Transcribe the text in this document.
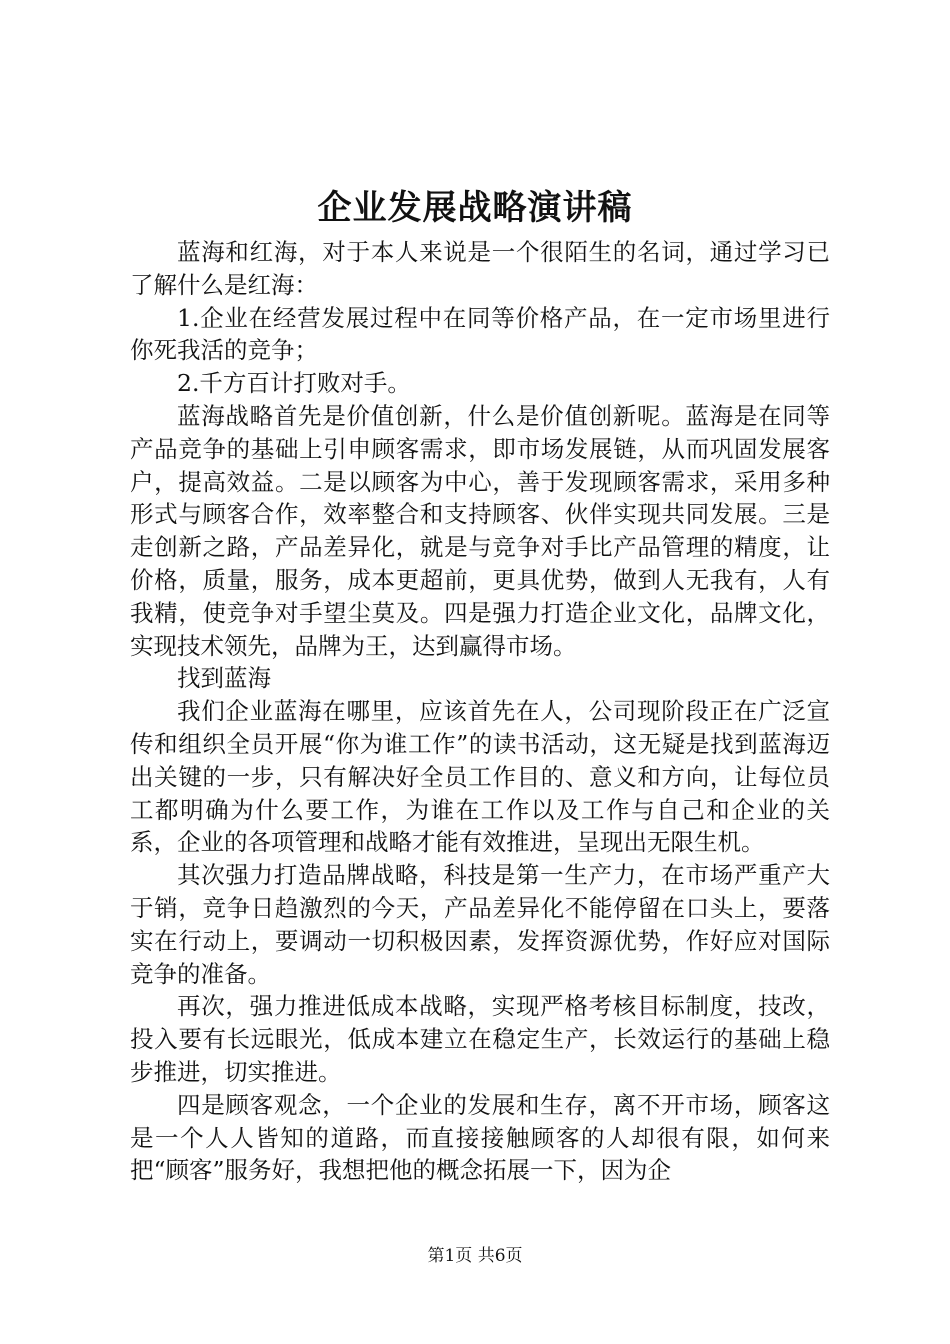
企业发展战略演讲稿

蓝海和红海，对于本人来说是一个很陌生的名词，通过学习已了解什么是红海：

1.企业在经营发展过程中在同等价格产品，在一定市场里进行你死我活的竞争；

2.千方百计打败对手。

蓝海战略首先是价值创新，什么是价值创新呢。蓝海是在同等产品竞争的基础上引申顾客需求，即市场发展链，从而巩固发展客户，提高效益。二是以顾客为中心，善于发现顾客需求，采用多种形式与顾客合作，效率整合和支持顾客、伙伴实现共同发展。三是走创新之路，产品差异化，就是与竞争对手比产品管理的精度，让价格，质量，服务，成本更超前，更具优势，做到人无我有，人有我精，使竞争对手望尘莫及。四是强力打造企业文化，品牌文化，实现技术领先，品牌为王，达到赢得市场。

找到蓝海

我们企业蓝海在哪里，应该首先在人，公司现阶段正在广泛宣传和组织全员开展“你为谁工作”的读书活动，这无疑是找到蓝海迈出关键的一步，只有解决好全员工作目的、意义和方向，让每位员工都明确为什么要工作，为谁在工作以及工作与自己和企业的关系，企业的各项管理和战略才能有效推进，呈现出无限生机。

其次强力打造品牌战略，科技是第一生产力，在市场严重产大于销，竞争日趋激烈的今天，产品差异化不能停留在口头上，要落实在行动上，要调动一切积极因素，发挥资源优势，作好应对国际竞争的准备。

再次，强力推进低成本战略，实现严格考核目标制度，技改，投入要有长远眼光，低成本建立在稳定生产，长效运行的基础上稳步推进，切实推进。

四是顾客观念，一个企业的发展和生存，离不开市场，顾客这是一个人人皆知的道路，而直接接触顾客的人却很有限，如何来把“顾客”服务好，我想把他的概念拓展一下，因为企

第1页 共6页
